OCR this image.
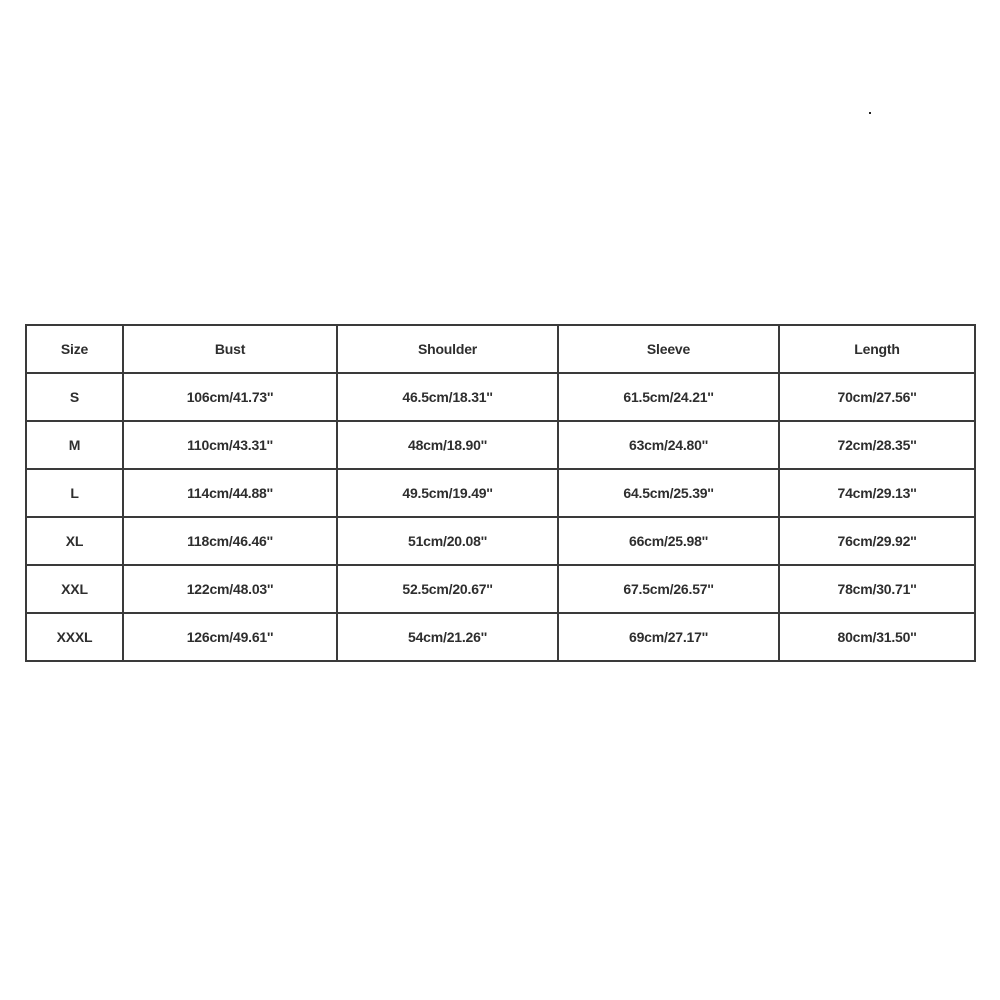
Size	Bust	Shoulder	Sleeve	Length
S	106cm/41.73''	46.5cm/18.31''	61.5cm/24.21''	70cm/27.56''
M	110cm/43.31''	48cm/18.90''	63cm/24.80''	72cm/28.35''
L	114cm/44.88''	49.5cm/19.49''	64.5cm/25.39''	74cm/29.13''
XL	118cm/46.46''	51cm/20.08''	66cm/25.98''	76cm/29.92''
XXL	122cm/48.03''	52.5cm/20.67''	67.5cm/26.57''	78cm/30.71''
XXXL	126cm/49.61''	54cm/21.26''	69cm/27.17''	80cm/31.50''
